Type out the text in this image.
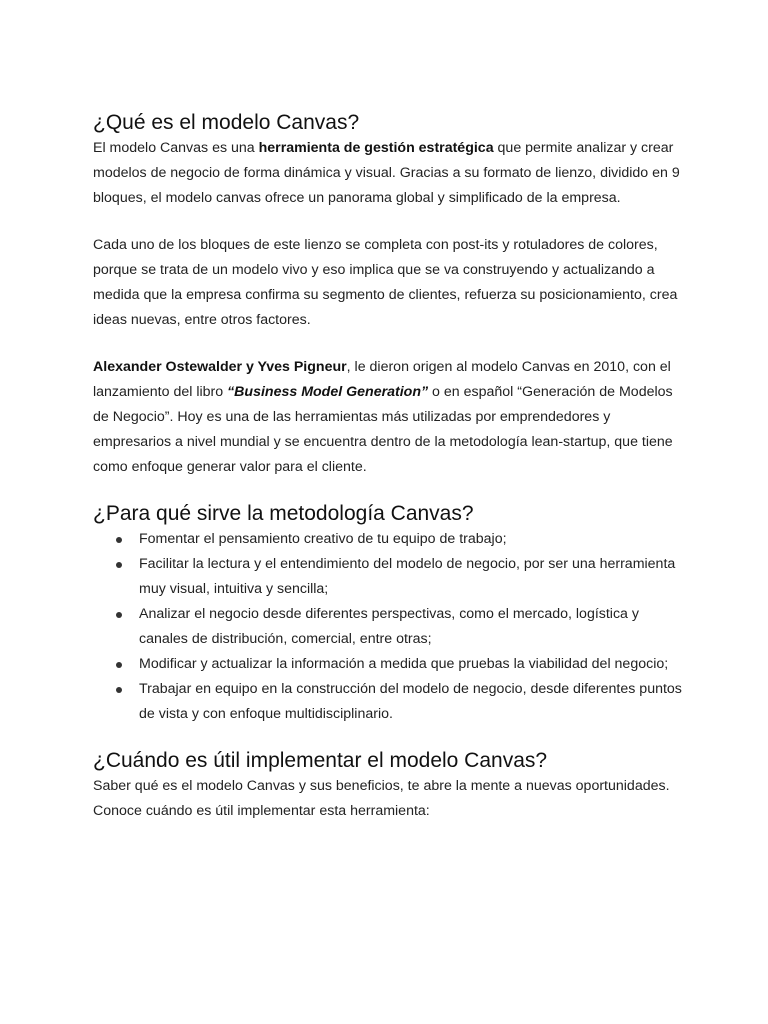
¿Qué es el modelo Canvas?

El modelo Canvas es una herramienta de gestión estratégica que permite analizar y crear modelos de negocio de forma dinámica y visual. Gracias a su formato de lienzo, dividido en 9 bloques, el modelo canvas ofrece un panorama global y simplificado de la empresa.

Cada uno de los bloques de este lienzo se completa con post-its y rotuladores de colores, porque se trata de un modelo vivo y eso implica que se va construyendo y actualizando a medida que la empresa confirma su segmento de clientes, refuerza su posicionamiento, crea ideas nuevas, entre otros factores.

Alexander Ostewalder y Yves Pigneur, le dieron origen al modelo Canvas en 2010, con el lanzamiento del libro “Business Model Generation” o en español “Generación de Modelos de Negocio”. Hoy es una de las herramientas más utilizadas por emprendedores y empresarios a nivel mundial y se encuentra dentro de la metodología lean-startup, que tiene como enfoque generar valor para el cliente.

¿Para qué sirve la metodología Canvas?
Fomentar el pensamiento creativo de tu equipo de trabajo;
Facilitar la lectura y el entendimiento del modelo de negocio, por ser una herramienta muy visual, intuitiva y sencilla;
Analizar el negocio desde diferentes perspectivas, como el mercado, logística y canales de distribución, comercial, entre otras;
Modificar y actualizar la información a medida que pruebas la viabilidad del negocio;
Trabajar en equipo en la construcción del modelo de negocio, desde diferentes puntos de vista y con enfoque multidisciplinario.
¿Cuándo es útil implementar el modelo Canvas?

Saber qué es el modelo Canvas y sus beneficios, te abre la mente a nuevas oportunidades. Conoce cuándo es útil implementar esta herramienta:
